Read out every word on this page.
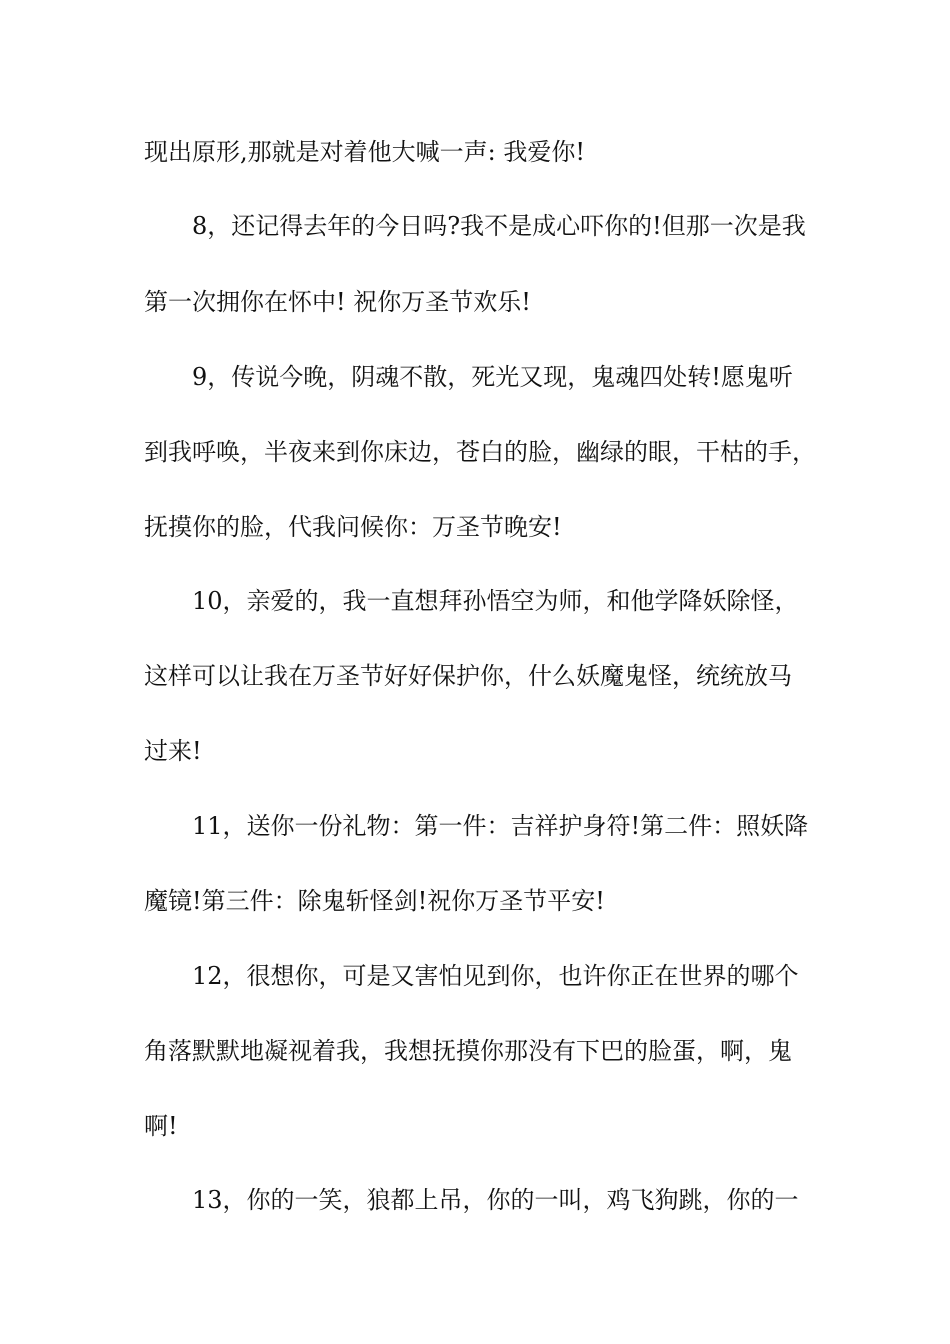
现出原形,那就是对着他大喊一声: 我爱你!

8，还记得去年的今日吗?我不是成心吓你的!但那一次是我

第一次拥你在怀中! 祝你万圣节欢乐!

9，传说今晚，阴魂不散，死光又现，鬼魂四处转!愿鬼听

到我呼唤，半夜来到你床边，苍白的脸，幽绿的眼，干枯的手，

抚摸你的脸，代我问候你：万圣节晚安!

10，亲爱的，我一直想拜孙悟空为师，和他学降妖除怪，

这样可以让我在万圣节好好保护你，什么妖魔鬼怪，统统放马

过来!

11，送你一份礼物：第一件：吉祥护身符!第二件：照妖降

魔镜!第三件：除鬼斩怪剑!祝你万圣节平安!

12，很想你，可是又害怕见到你，也许你正在世界的哪个

角落默默地凝视着我，我想抚摸你那没有下巴的脸蛋，啊，鬼

啊!

13，你的一笑，狼都上吊，你的一叫，鸡飞狗跳，你的一
